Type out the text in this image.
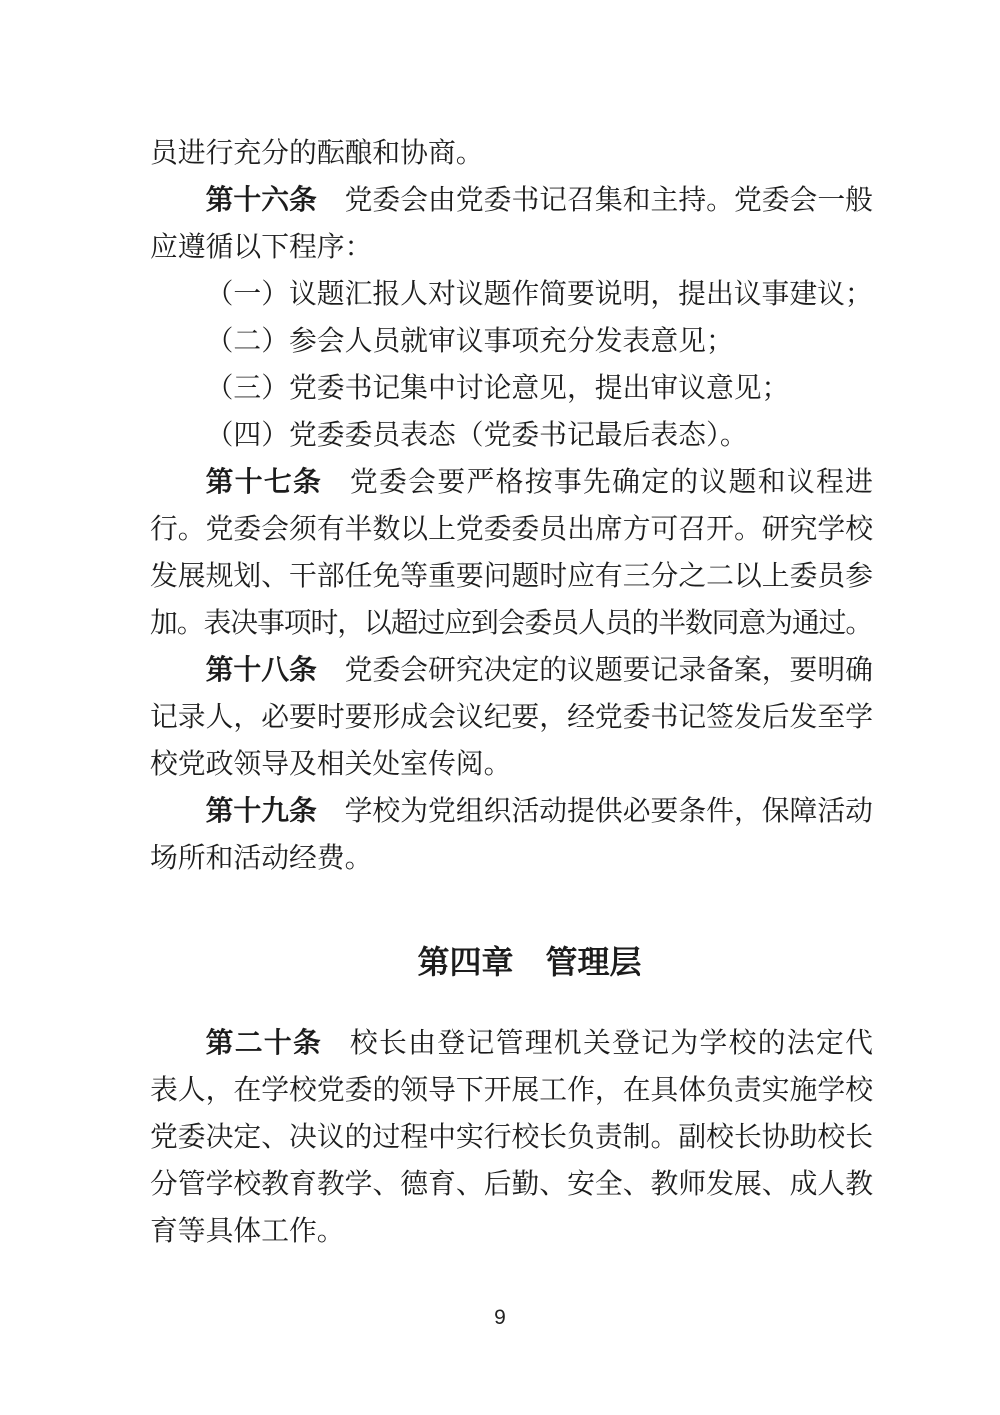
员进行充分的酝酿和协商。
第十六条 党委会由党委书记召集和主持。党委会一般
应遵循以下程序：
（一）议题汇报人对议题作简要说明，提出议事建议；
（二）参会人员就审议事项充分发表意见；
（三）党委书记集中讨论意见，提出审议意见；
（四）党委委员表态（党委书记最后表态）。
第十七条 党委会要严格按事先确定的议题和议程进
行。党委会须有半数以上党委委员出席方可召开。研究学校
发展规划、干部任免等重要问题时应有三分之二以上委员参
加。表决事项时，以超过应到会委员人员的半数同意为通过。
第十八条 党委会研究决定的议题要记录备案，要明确
记录人，必要时要形成会议纪要，经党委书记签发后发至学
校党政领导及相关处室传阅。
第十九条 学校为党组织活动提供必要条件，保障活动
场所和活动经费。
第四章　管理层
第二十条 校长由登记管理机关登记为学校的法定代
表人，在学校党委的领导下开展工作，在具体负责实施学校
党委决定、决议的过程中实行校长负责制。副校长协助校长
分管学校教育教学、德育、后勤、安全、教师发展、成人教
育等具体工作。
9
